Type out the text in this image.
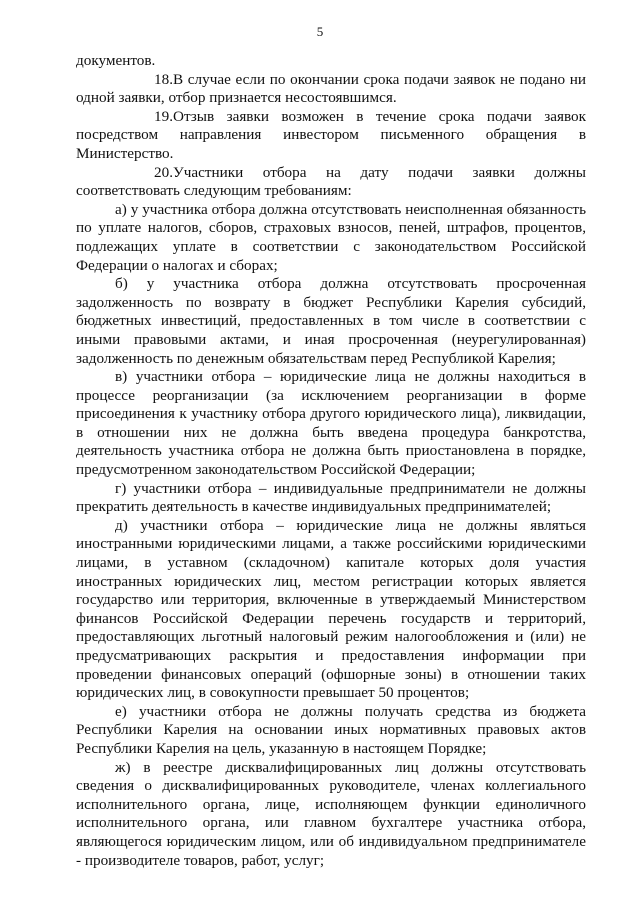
5

документов.

18.В случае если по окончании срока подачи заявок не подано ни одной заявки, отбор признается несостоявшимся.

19.Отзыв заявки возможен в течение срока подачи заявок посредством направления инвестором письменного обращения в Министерство.

20.Участники отбора на дату подачи заявки должны соответствовать следующим требованиям:

а) у участника отбора должна отсутствовать неисполненная обязанность по уплате налогов, сборов, страховых взносов, пеней, штрафов, процентов, подлежащих уплате в соответствии с законодательством Российской Федерации о налогах и сборах;

б) у участника отбора должна отсутствовать просроченная задолженность по возврату в бюджет Республики Карелия субсидий, бюджетных инвестиций, предоставленных в том числе в соответствии с иными правовыми актами, и иная просроченная (неурегулированная) задолженность по денежным обязательствам перед Республикой Карелия;

в) участники отбора – юридические лица не должны находиться в процессе реорганизации (за исключением реорганизации в форме присоединения к участнику отбора другого юридического лица), ликвидации, в отношении них не должна быть введена процедура банкротства, деятельность участника отбора не должна быть приостановлена в порядке, предусмотренном законодательством Российской Федерации;

г) участники отбора – индивидуальные предприниматели не должны прекратить деятельность в качестве индивидуальных предпринимателей;

д) участники отбора – юридические лица не должны являться иностранными юридическими лицами, а также российскими юридическими лицами, в уставном (складочном) капитале которых доля участия иностранных юридических лиц, местом регистрации которых является государство или территория, включенные в утверждаемый Министерством финансов Российской Федерации перечень государств и территорий, предоставляющих льготный налоговый режим налогообложения и (или) не предусматривающих раскрытия и предоставления информации при проведении финансовых операций (офшорные зоны) в отношении таких юридических лиц, в совокупности превышает 50 процентов;

е) участники отбора не должны получать средства из бюджета Республики Карелия на основании иных нормативных правовых актов Республики Карелия на цель, указанную в настоящем Порядке;

ж) в реестре дисквалифицированных лиц должны отсутствовать сведения о дисквалифицированных руководителе, членах коллегиального исполнительного органа, лице, исполняющем функции единоличного исполнительного органа, или главном бухгалтере участника отбора, являющегося юридическим лицом, или об индивидуальном предпринимателе - производителе товаров, работ, услуг;
